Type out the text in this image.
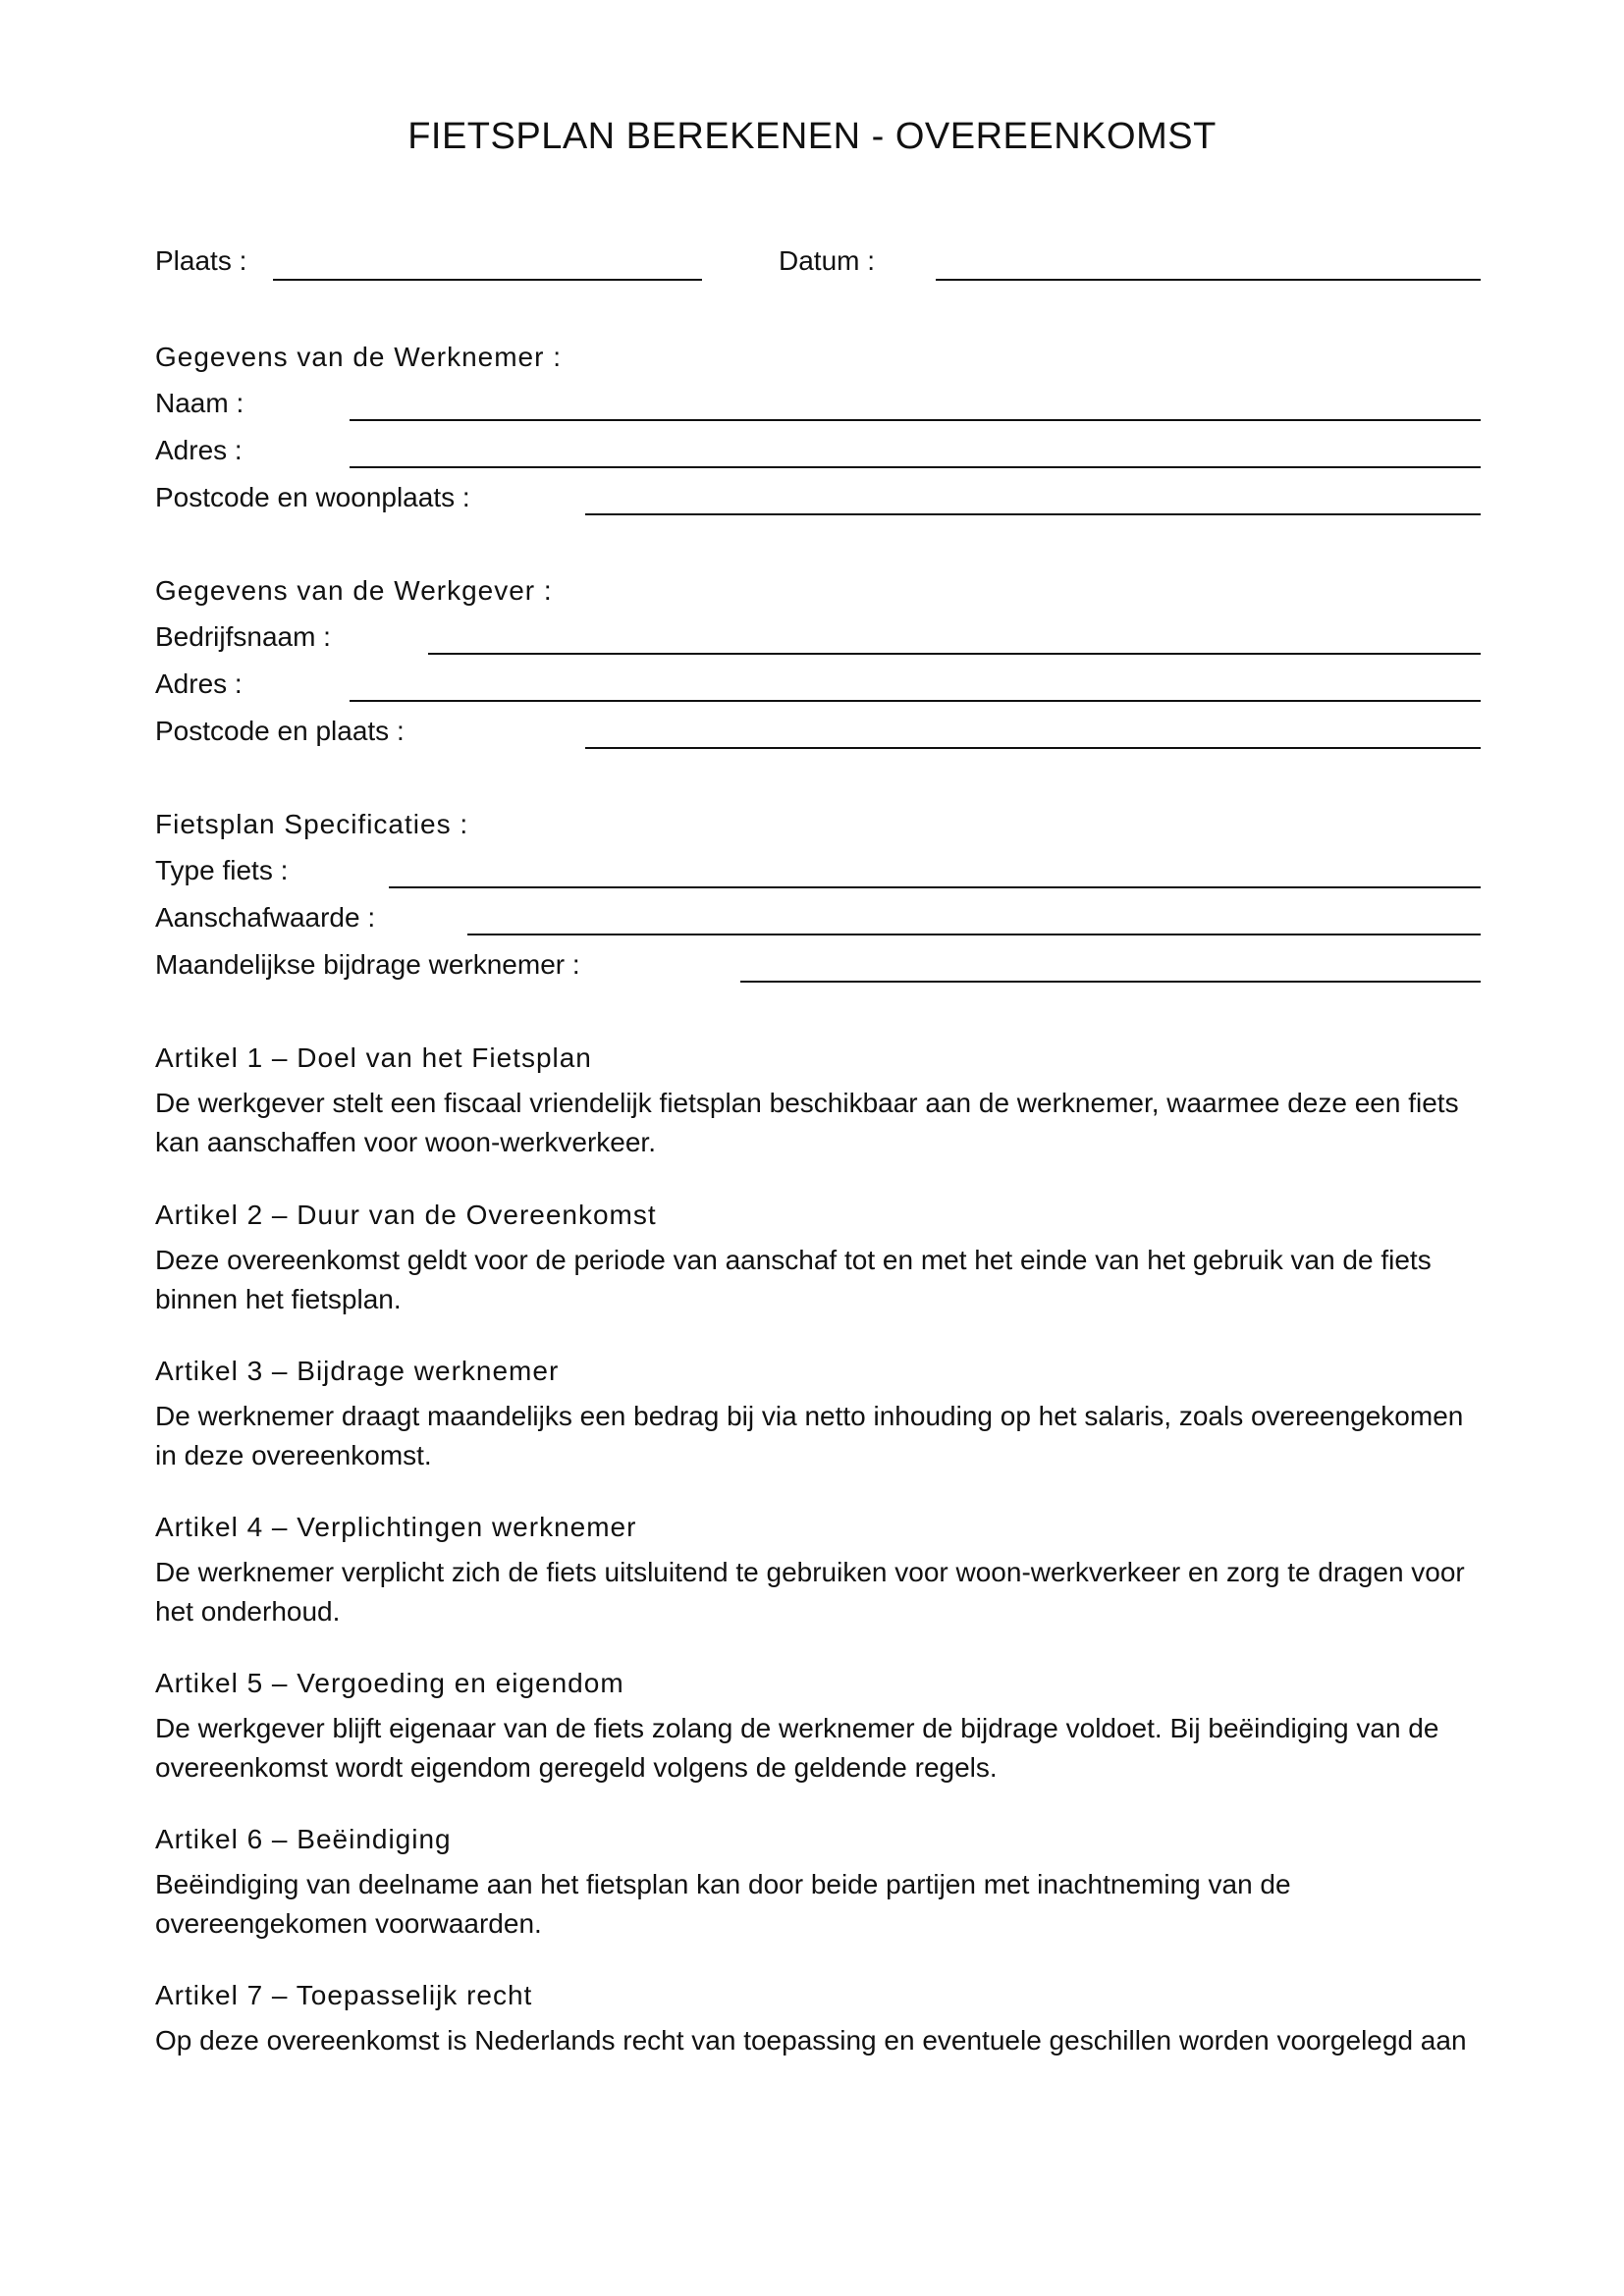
FIETSPLAN BEREKENEN - OVEREENKOMST
Plaats :	Datum :
Gegevens van de Werknemer :
Naam :
Adres :
Postcode en woonplaats :
Gegevens van de Werkgever :
Bedrijfsnaam :
Adres :
Postcode en plaats :
Fietsplan Specificaties :
Type fiets :
Aanschafwaarde :
Maandelijkse bijdrage werknemer :
Artikel 1 – Doel van het Fietsplan
De werkgever stelt een fiscaal vriendelijk fietsplan beschikbaar aan de werknemer, waarmee deze een fiets kan aanschaffen voor woon-werkverkeer.
Artikel 2 – Duur van de Overeenkomst
Deze overeenkomst geldt voor de periode van aanschaf tot en met het einde van het gebruik van de fiets binnen het fietsplan.
Artikel 3 – Bijdrage werknemer
De werknemer draagt maandelijks een bedrag bij via netto inhouding op het salaris, zoals overeengekomen in deze overeenkomst.
Artikel 4 – Verplichtingen werknemer
De werknemer verplicht zich de fiets uitsluitend te gebruiken voor woon-werkverkeer en zorg te dragen voor het onderhoud.
Artikel 5 – Vergoeding en eigendom
De werkgever blijft eigenaar van de fiets zolang de werknemer de bijdrage voldoet. Bij beëindiging van de overeenkomst wordt eigendom geregeld volgens de geldende regels.
Artikel 6 – Beëindiging
Beëindiging van deelname aan het fietsplan kan door beide partijen met inachtneming van de overeengekomen voorwaarden.
Artikel 7 – Toepasselijk recht
Op deze overeenkomst is Nederlands recht van toepassing en eventuele geschillen worden voorgelegd aan
